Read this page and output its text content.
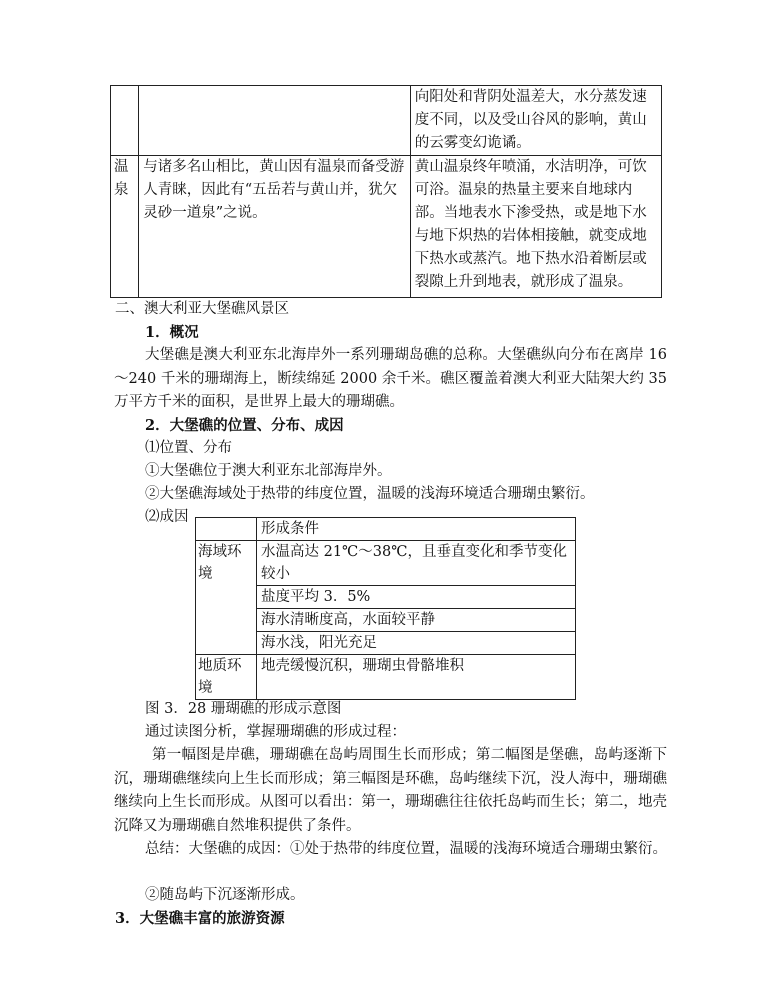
		向阳处和背阴处温差大，水分蒸发速度不同，以及受山谷风的影响，黄山的云雾变幻诡谲。
温泉	与诸多名山相比，黄山因有温泉而备受游人青睐，因此有“五岳若与黄山并，犹欠灵砂一道泉”之说。	黄山温泉终年喷涌，水洁明净，可饮可浴。温泉的热量主要来自地球内部。当地表水下渗受热，或是地下水与地下炽热的岩体相接触，就变成地下热水或蒸汽。地下热水沿着断层或裂隙上升到地表，就形成了温泉。
二、澳大利亚大堡礁风景区
1．概况
大堡礁是澳大利亚东北海岸外一系列珊瑚岛礁的总称。大堡礁纵向分布在离岸 16～240 千米的珊瑚海上，断续绵延 2000 余千米。礁区覆盖着澳大利亚大陆架大约 35 万平方千米的面积，是世界上最大的珊瑚礁。
2．大堡礁的位置、分布、成因
⑴位置、分布
①大堡礁位于澳大利亚东北部海岸外。
②大堡礁海域处于热带的纬度位置，温暖的浅海环境适合珊瑚虫繁衍。
⑵成因
	形成条件
海域环境	水温高达 21℃～38℃，且垂直变化和季节变化较小
	盐度平均 3．5%
	海水清晰度高，水面较平静
	海水浅，阳光充足
地质环境	地壳缓慢沉积，珊瑚虫骨骼堆积
图 3．28 珊瑚礁的形成示意图
通过读图分析，掌握珊瑚礁的形成过程：
第一幅图是岸礁，珊瑚礁在岛屿周围生长而形成；第二幅图是堡礁，岛屿逐渐下沉，珊瑚礁继续向上生长而形成；第三幅图是环礁，岛屿继续下沉，没人海中，珊瑚礁继续向上生长而形成。从图可以看出：第一，珊瑚礁往往依托岛屿而生长；第二，地壳沉降又为珊瑚礁自然堆积提供了条件。
总结：大堡礁的成因：①处于热带的纬度位置，温暖的浅海环境适合珊瑚虫繁衍。
②随岛屿下沉逐渐形成。
3．大堡礁丰富的旅游资源
